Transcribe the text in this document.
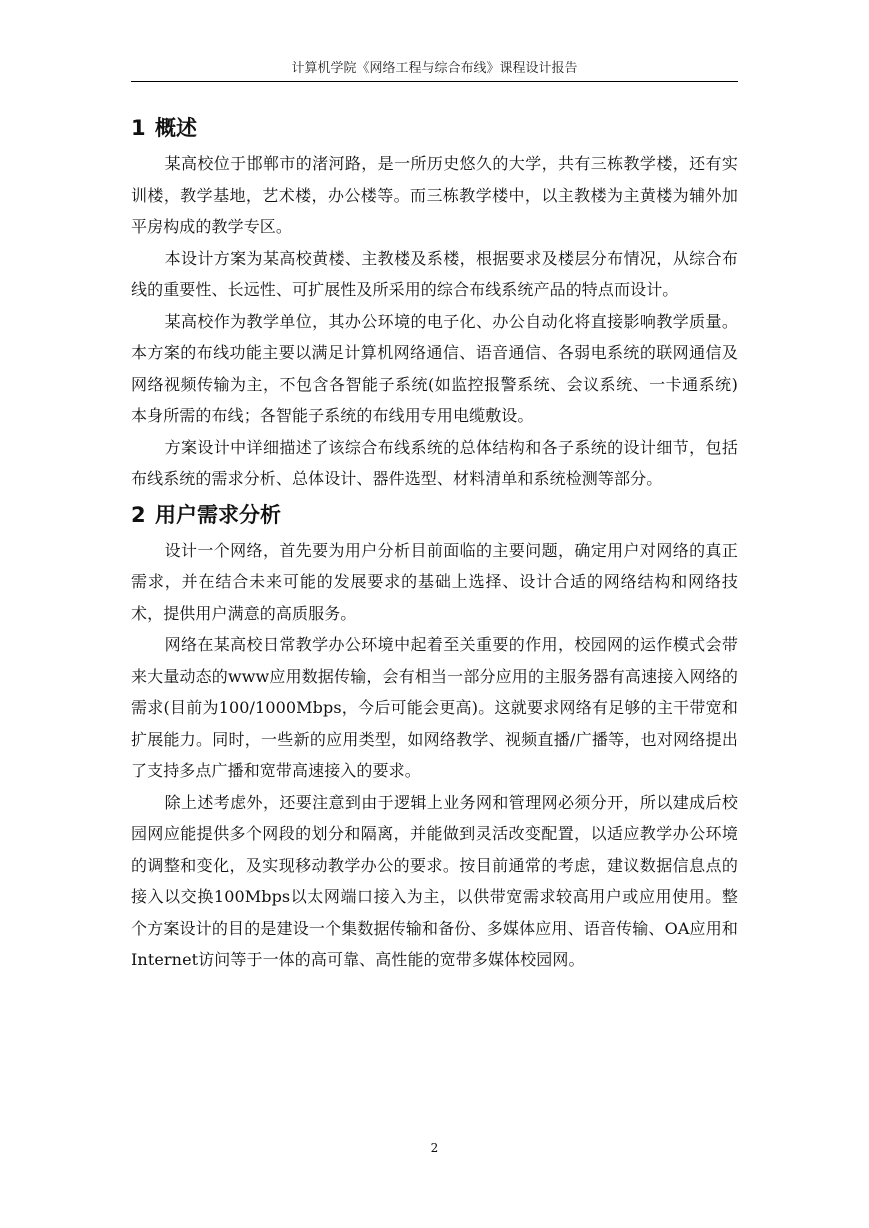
计算机学院《网络工程与综合布线》课程设计报告
1 概述

某高校位于邯郸市的渚河路，是一所历史悠久的大学，共有三栋教学楼，还有实训楼，教学基地，艺术楼，办公楼等。而三栋教学楼中，以主教楼为主黄楼为辅外加平房构成的教学专区。

本设计方案为某高校黄楼、主教楼及系楼，根据要求及楼层分布情况，从综合布线的重要性、长远性、可扩展性及所采用的综合布线系统产品的特点而设计。

某高校作为教学单位，其办公环境的电子化、办公自动化将直接影响教学质量。本方案的布线功能主要以满足计算机网络通信、语音通信、各弱电系统的联网通信及网络视频传输为主，不包含各智能子系统(如监控报警系统、会议系统、一卡通系统)本身所需的布线；各智能子系统的布线用专用电缆敷设。

方案设计中详细描述了该综合布线系统的总体结构和各子系统的设计细节，包括布线系统的需求分析、总体设计、器件选型、材料清单和系统检测等部分。

2 用户需求分析

设计一个网络，首先要为用户分析目前面临的主要问题，确定用户对网络的真正需求，并在结合未来可能的发展要求的基础上选择、设计合适的网络结构和网络技术，提供用户满意的高质服务。

网络在某高校日常教学办公环境中起着至关重要的作用，校园网的运作模式会带来大量动态的www应用数据传输，会有相当一部分应用的主服务器有高速接入网络的需求(目前为100/1000Mbps，今后可能会更高)。这就要求网络有足够的主干带宽和扩展能力。同时，一些新的应用类型，如网络教学、视频直播/广播等，也对网络提出了支持多点广播和宽带高速接入的要求。

除上述考虑外，还要注意到由于逻辑上业务网和管理网必须分开，所以建成后校园网应能提供多个网段的划分和隔离，并能做到灵活改变配置，以适应教学办公环境的调整和变化，及实现移动教学办公的要求。按目前通常的考虑，建议数据信息点的接入以交换100Mbps以太网端口接入为主，以供带宽需求较高用户或应用使用。整个方案设计的目的是建设一个集数据传输和备份、多媒体应用、语音传输、OA应用和Internet访问等于一体的高可靠、高性能的宽带多媒体校园网。

2
